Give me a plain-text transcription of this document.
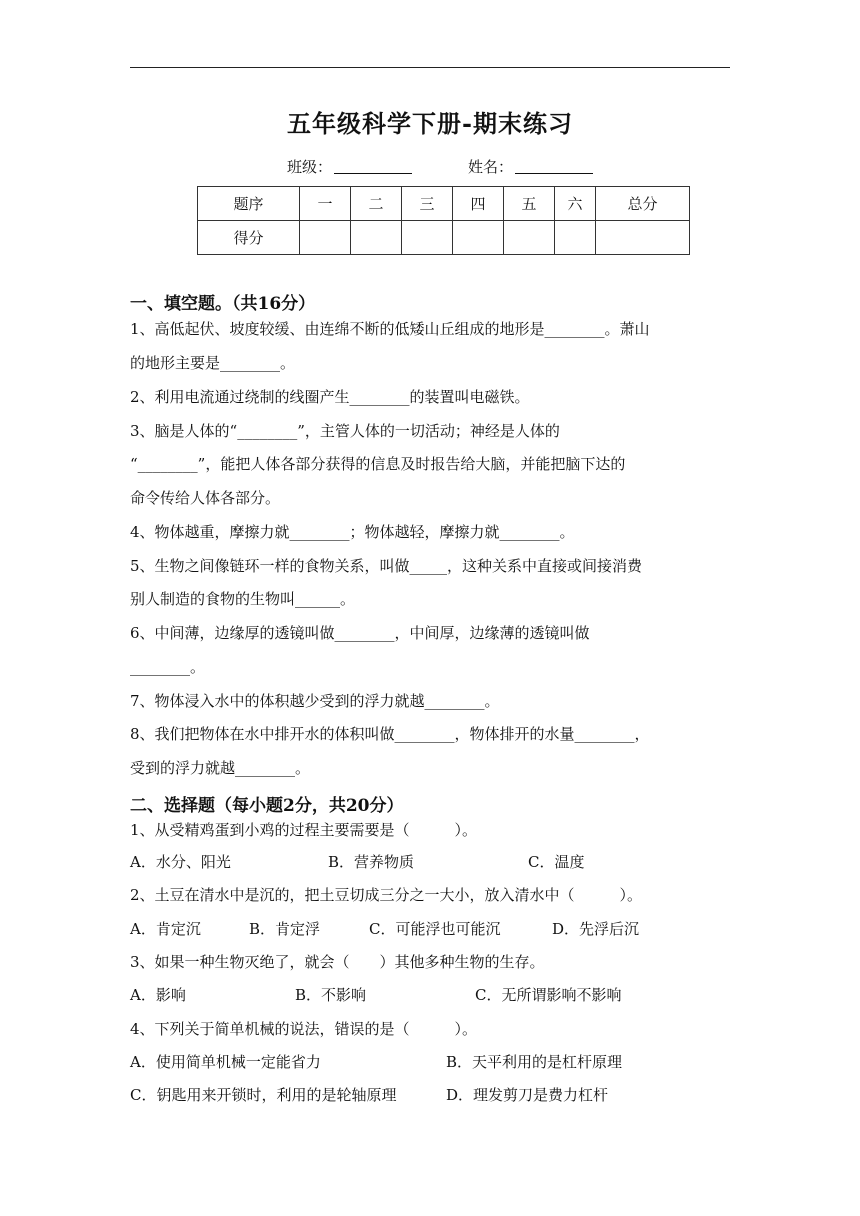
五年级科学下册-期末练习
班级：	姓名：
题序	一	二	三	四	五	六	总分
得分							
一、填空题。（共16分）
1、高低起伏、坡度较缓、由连绵不断的低矮山丘组成的地形是________。萧山
的地形主要是________。
2、利用电流通过绕制的线圈产生________的装置叫电磁铁。
3、脑是人体的“________”，主管人体的一切活动；神经是人体的
“________”，能把人体各部分获得的信息及时报告给大脑，并能把脑下达的
命令传给人体各部分。
4、物体越重，摩擦力就________；物体越轻，摩擦力就________。
5、生物之间像链环一样的食物关系，叫做_____，这种关系中直接或间接消费
别人制造的食物的生物叫______。
6、中间薄，边缘厚的透镜叫做________，中间厚，边缘薄的透镜叫做
________。
7、物体浸入水中的体积越少受到的浮力就越________。
8、我们把物体在水中排开水的体积叫做________，物体排开的水量________，
受到的浮力就越________。
二、选择题（每小题2分，共20分）
1、从受精鸡蛋到小鸡的过程主要需要是（　　　）。
A．水分、阳光	B．营养物质	C．温度
2、土豆在清水中是沉的，把土豆切成三分之一大小，放入清水中（　　　）。
A．肯定沉	B．肯定浮	C．可能浮也可能沉	D．先浮后沉
3、如果一种生物灭绝了，就会（　　）其他多种生物的生存。
A．影响	B．不影响	C．无所谓影响不影响
4、下列关于简单机械的说法，错误的是（　　　）。
A．使用简单机械一定能省力	B．天平利用的是杠杆原理
C．钥匙用来开锁时，利用的是轮轴原理	D．理发剪刀是费力杠杆
